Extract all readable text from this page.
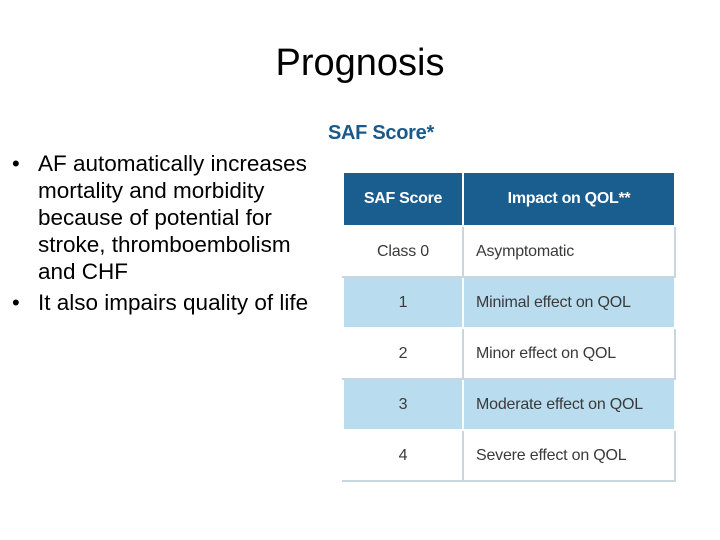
Prognosis
• AF automatically increases mortality and morbidity because of potential for stroke, thromboembolism and CHF
• It also impairs quality of life
SAF Score*
SAF Score	Impact on QOL**
Class 0	Asymptomatic
1	Minimal effect on QOL
2	Minor effect on QOL
3	Moderate effect on QOL
4	Severe effect on QOL
